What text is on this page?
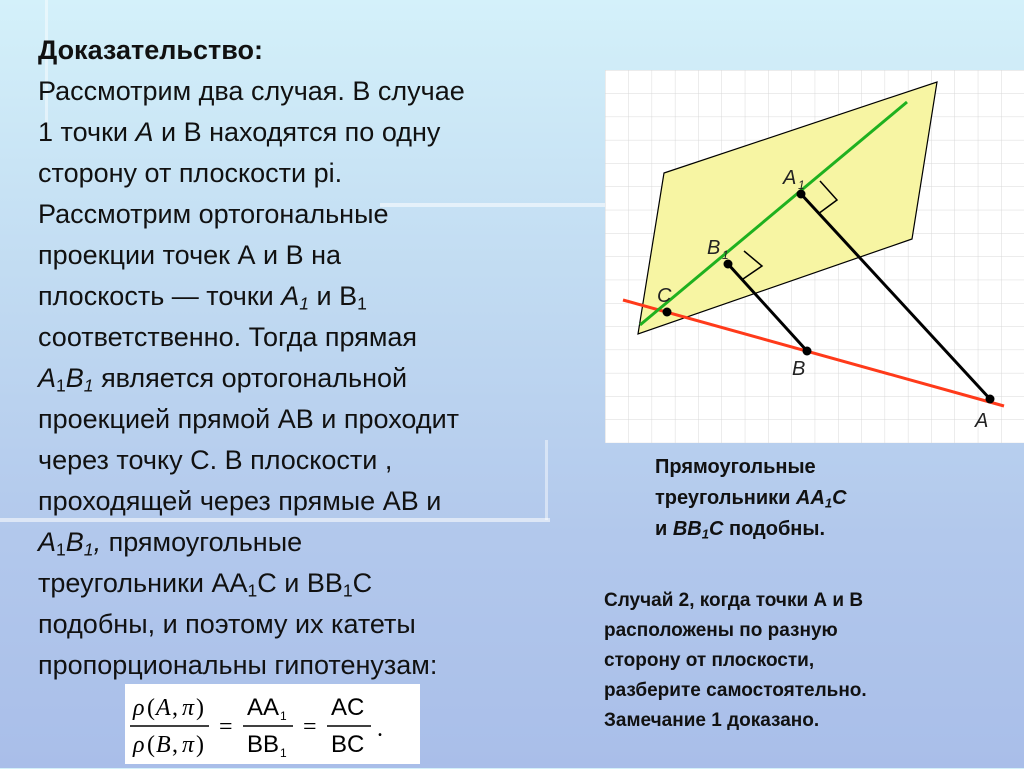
Доказательство:
Рассмотрим два случая. В случае
1 точки A и В находятся по одну
сторону от плоскости pi.
Рассмотрим ортогональные
проекции точек А и В на
плоскость — точки $A_1$ и $В_1$
соответственно. Тогда прямая
$A_1B_1$ является ортогональной
проекцией прямой АВ и проходит
через точку С. В плоскости ,
проходящей через прямые АВ и
$A_1B_1$, прямоугольные
треугольники $АА_1С$ и $ВВ_1С$
подобны, и поэтому их катеты
пропорциональны гипотенузам:
ρ ( A , π )
ρ ( B , π )
=
AA 1
BB 1
=
AC
BC
.
A 1
B 1
C
B
A
Прямоугольные
треугольники $АА_1С$
и $ВВ_1С$ подобны.
Случай 2, когда точки А и В
расположены по разную
сторону от плоскости,
разберите самостоятельно.
Замечание 1 доказано.
